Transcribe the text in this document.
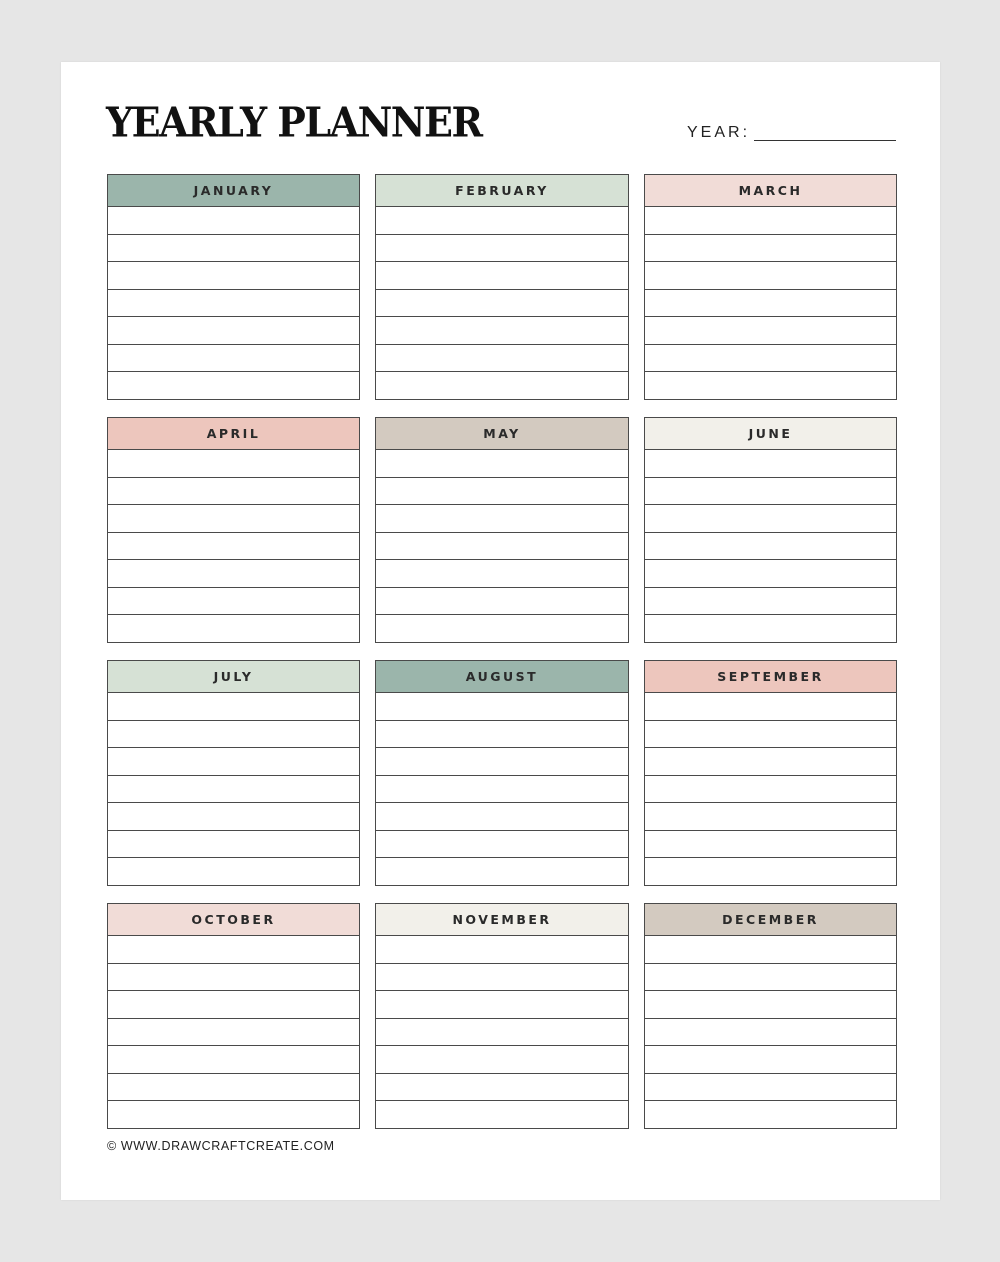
YEARLY PLANNER	YEAR:
JANUARY	FEBRUARY	MARCH
APRIL	MAY	JUNE
JULY	AUGUST	SEPTEMBER
OCTOBER	NOVEMBER	DECEMBER
© WWW.DRAWCRAFTCREATE.COM
